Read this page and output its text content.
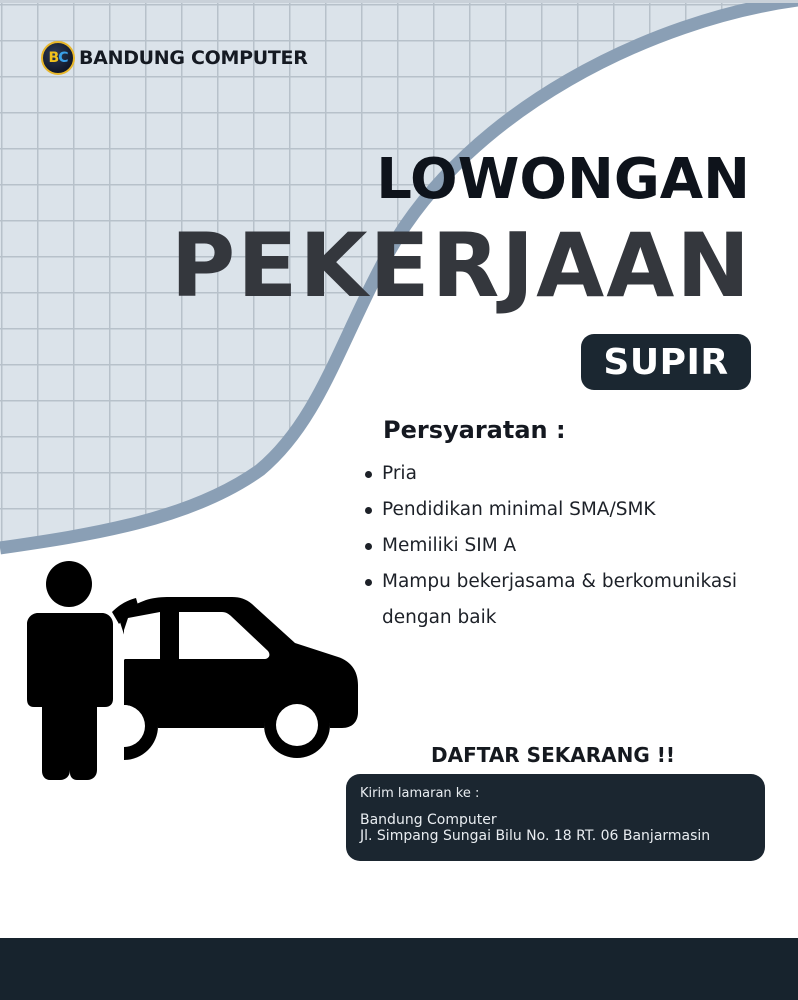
B C BANDUNG COMPUTER
LOWONGAN
PEKERJAAN
SUPIR
Persyaratan :
Pria
Pendidikan minimal SMA/SMK
Memiliki SIM A
Mampu bekerjasama & berkomunikasi dengan baik
DAFTAR SEKARANG !!
Kirim lamaran ke :
Bandung Computer
Jl. Simpang Sungai Bilu No. 18 RT. 06 Banjarmasin
